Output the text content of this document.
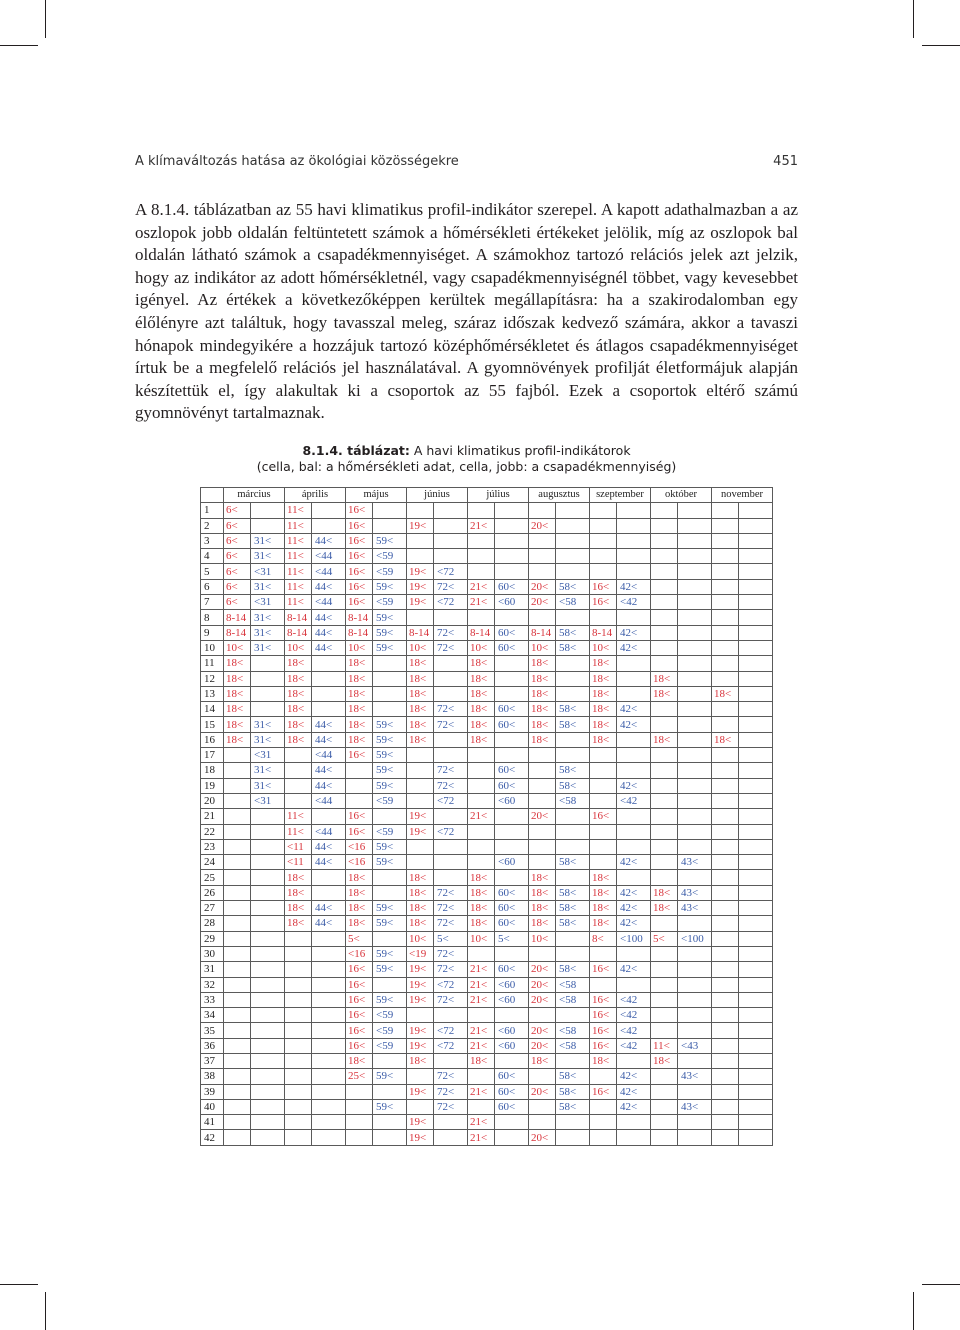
A klímaváltozás hatása az ökológiai közösségekre	451

A 8.1.4. táblázatban az 55 havi klimatikus profil-indikátor szerepel. A kapott adathalmazban a az oszlopok jobb oldalán feltüntetett számok a hőmérsékleti értékeket jelölik, míg az oszlopok bal oldalán látható számok a csapadékmennyiséget. A számokhoz tartozó relációs jelek azt jelzik, hogy az indikátor az adott hőmérsékletnél, vagy csapadékmennyiségnél többet, vagy kevesebbet igényel. Az értékek a következőképpen kerültek megállapításra: ha a szakirodalomban egy élőlényre azt találtuk, hogy tavasszal meleg, száraz időszak kedvező számára, akkor a tavaszi hónapok mindegyikére a hozzájuk tartozó középhőmérsékletet és átlagos csapadékmennyiséget írtuk be a megfelelő relációs jel használatával. A gyomnövények profilját életformájuk alapján készítettük el, így alakultak ki a csoportok az 55 fajból. Ezek a csoportok eltérő számú gyomnövényt tartalmaznak.

8.1.4. táblázat: A havi klimatikus profil-indikátorok
(cella, bal: a hőmérsékleti adat, cella, jobb: a csapadékmennyiség)
	március		április		május		június		július		augusztus		szeptember		október		november	
1	6<		11<		16<													
2	6<		11<		16<		19<		21<		20<							
3	6<	31<	11<	44<	16<	59<												
4	6<	31<	11<	<44	16<	<59												
5	6<	<31	11<	<44	16<	<59	19<	<72										
6	6<	31<	11<	44<	16<	59<	19<	72<	21<	60<	20<	58<	16<	42<				
7	6<	<31	11<	<44	16<	<59	19<	<72	21<	<60	20<	<58	16<	<42				
8	8-14	31<	8-14	44<	8-14	59<												
9	8-14	31<	8-14	44<	8-14	59<	8-14	72<	8-14	60<	8-14	58<	8-14	42<				
10	10<	31<	10<	44<	10<	59<	10<	72<	10<	60<	10<	58<	10<	42<				
11	18<		18<		18<		18<		18<		18<		18<					
12	18<		18<		18<		18<		18<		18<		18<		18<			
13	18<		18<		18<		18<		18<		18<		18<		18<		18<	
14	18<		18<		18<		18<	72<	18<	60<	18<	58<	18<	42<				
15	18<	31<	18<	44<	18<	59<	18<	72<	18<	60<	18<	58<	18<	42<				
16	18<	31<	18<	44<	18<	59<	18<		18<		18<		18<		18<		18<	
17		<31		<44	16<	59<												
18		31<		44<		59<		72<		60<		58<						
19		31<		44<		59<		72<		60<		58<		42<				
20		<31		<44		<59		<72		<60		<58		<42				
21			11<		16<		19<		21<		20<		16<					
22			11<	<44	16<	<59	19<	<72										
23			<11	44<	<16	59<												
24			<11	44<	<16	59<				<60		58<		42<		43<		
25			18<		18<		18<		18<		18<		18<					
26			18<		18<		18<	72<	18<	60<	18<	58<	18<	42<	18<	43<		
27			18<	44<	18<	59<	18<	72<	18<	60<	18<	58<	18<	42<	18<	43<		
28			18<	44<	18<	59<	18<	72<	18<	60<	18<	58<	18<	42<				
29					5<		10<	5<	10<	5<	10<		8<	<100	5<	<100		
30					<16	59<	<19	72<										
31					16<	59<	19<	72<	21<	60<	20<	58<	16<	42<				
32					16<		19<	<72	21<	<60	20<	<58						
33					16<	59<	19<	72<	21<	<60	20<	<58	16<	<42				
34					16<	<59							16<	<42				
35					16<	<59	19<	<72	21<	<60	20<	<58	16<	<42				
36					16<	<59	19<	<72	21<	<60	20<	<58	16<	<42	11<	<43		
37					18<		18<		18<		18<		18<		18<			
38					25<	59<		72<		60<		58<		42<		43<		
39							19<	72<	21<	60<	20<	58<	16<	42<				
40						59<		72<		60<		58<		42<		43<		
41							19<		21<									
42							19<		21<		20<							
